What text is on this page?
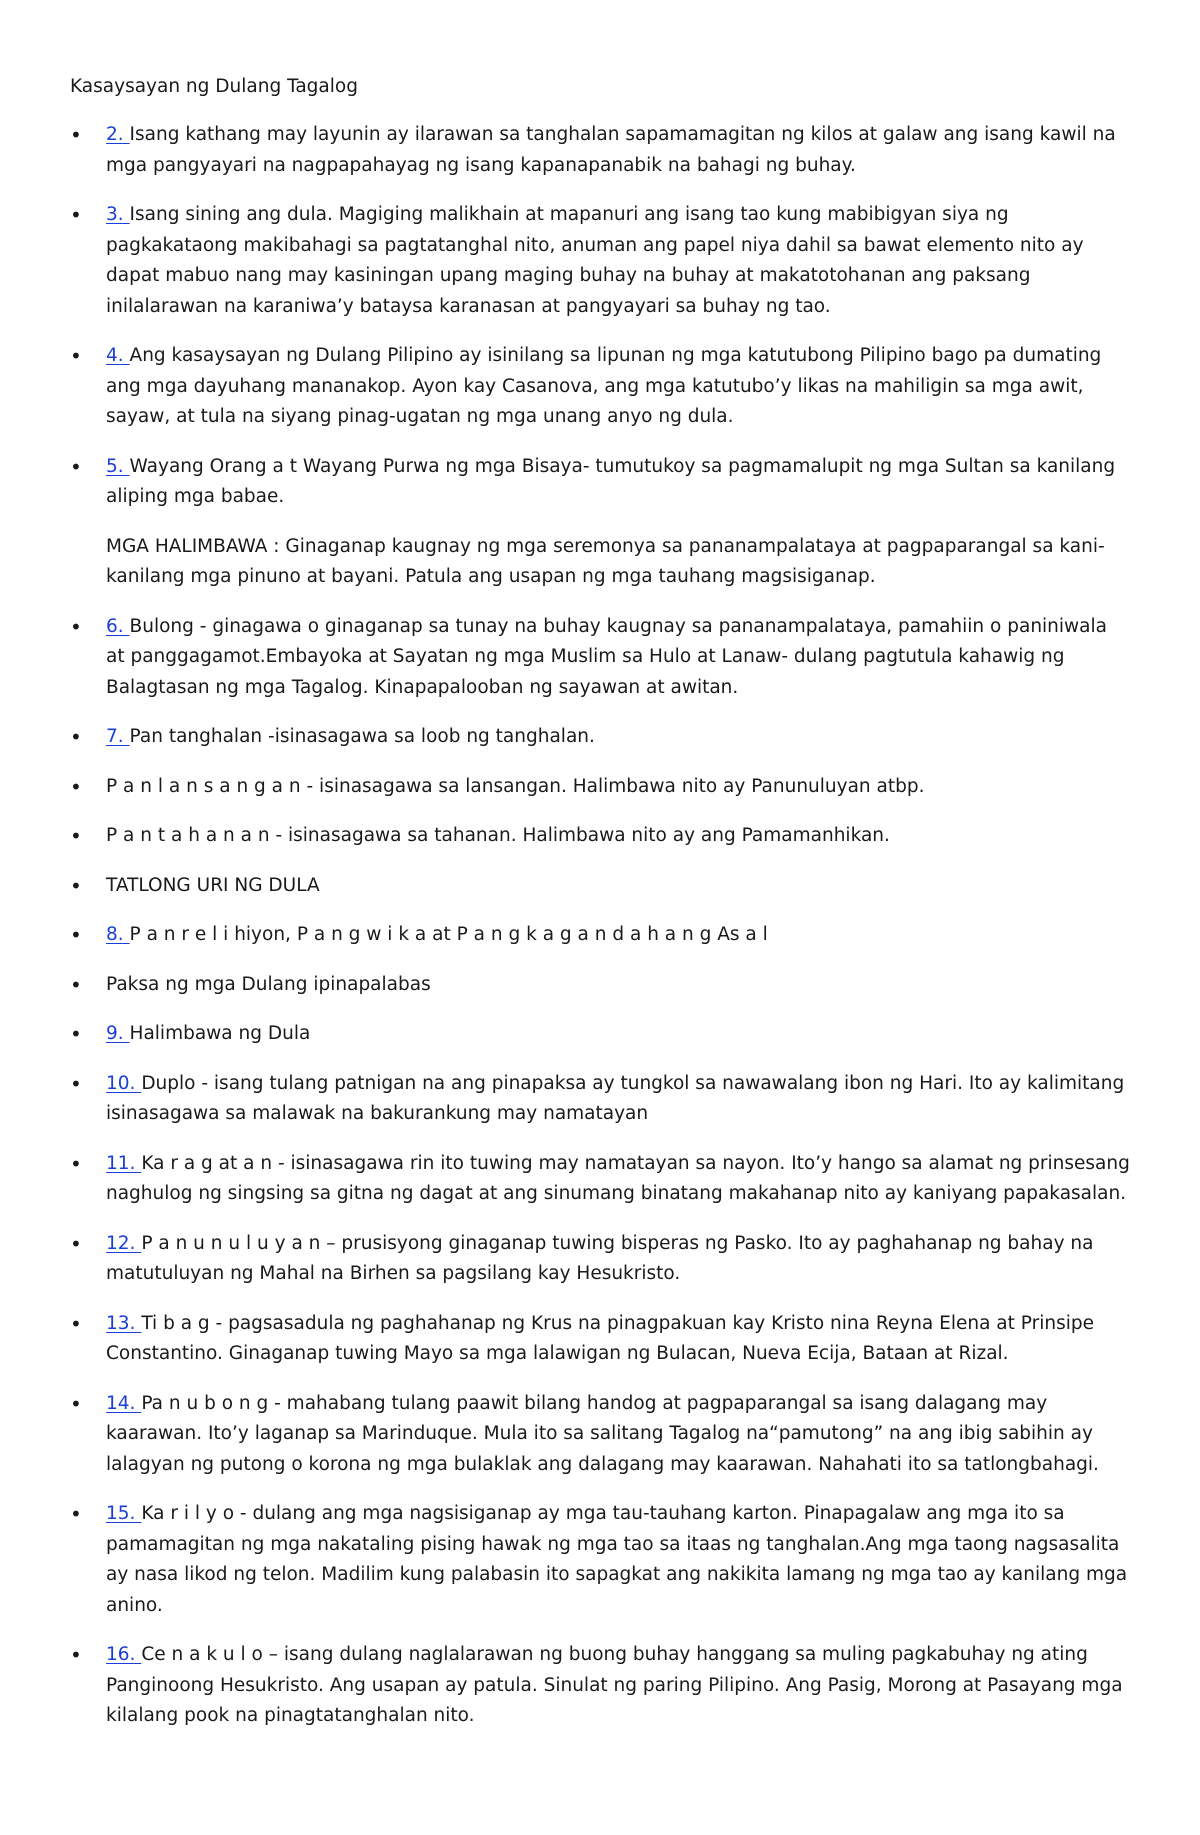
Kasaysayan ng Dulang Tagalog
•	2. Isang kathang may layunin ay ilarawan sa tanghalan sapamamagitan ng kilos at galaw ang isang kawil na mga pangyayari na nagpapahayag ng isang kapanapanabik na bahagi ng buhay.
•	3. Isang sining ang dula. Magiging malikhain at mapanuri ang isang tao kung mabibigyan siya ng pagkakataong makibahagi sa pagtatanghal nito, anuman ang papel niya dahil sa bawat elemento nito ay dapat mabuo nang may kasiningan upang maging buhay na buhay at makatotohanan ang paksang inilalarawan na karaniwa’y bataysa karanasan at pangyayari sa buhay ng tao.
•	4. Ang kasaysayan ng Dulang Pilipino ay isinilang sa lipunan ng mga katutubong Pilipino bago pa dumating ang mga dayuhang mananakop. Ayon kay Casanova, ang mga katutubo’y likas na mahiligin sa mga awit, sayaw, at tula na siyang pinag-ugatan ng mga unang anyo ng dula.
•	5. Wayang Orang a t Wayang Purwa ng mga Bisaya- tumutukoy sa pagmamalupit ng mga Sultan sa kanilang aliping mga babae.
MGA HALIMBAWA : Ginaganap kaugnay ng mga seremonya sa pananampalataya at pagpaparangal sa kani- kanilang mga pinuno at bayani. Patula ang usapan ng mga tauhang magsisiganap.
•	6. Bulong - ginagawa o ginaganap sa tunay na buhay kaugnay sa pananampalataya, pamahiin o paniniwala at panggagamot.Embayoka at Sayatan ng mga Muslim sa Hulo at Lanaw- dulang pagtutula kahawig ng Balagtasan ng mga Tagalog. Kinapapalooban ng sayawan at awitan.
•	7. Pan tanghalan -isinasagawa sa loob ng tanghalan.
•	P a n l a n s a n g a n - isinasagawa sa lansangan. Halimbawa nito ay Panunuluyan atbp.
•	P a n t a h a n a n - isinasagawa sa tahanan. Halimbawa nito ay ang Pamamanhikan.
•	TATLONG URI NG DULA
•	8. P a n r e l i hiyon, P a n g w i k a at P a n g k a g a n d a h a n g As a l
•	Paksa ng mga Dulang ipinapalabas
•	9. Halimbawa ng Dula
•	10. Duplo - isang tulang patnigan na ang pinapaksa ay tungkol sa nawawalang ibon ng Hari. Ito ay kalimitang isinasagawa sa malawak na bakurankung may namatayan
•	11. Ka r a g at a n - isinasagawa rin ito tuwing may namatayan sa nayon. Ito’y hango sa alamat ng prinsesang naghulog ng singsing sa gitna ng dagat at ang sinumang binatang makahanap nito ay kaniyang papakasalan.
•	12. P a n u n u l u y a n – prusisyong ginaganap tuwing bisperas ng Pasko. Ito ay paghahanap ng bahay na matutuluyan ng Mahal na Birhen sa pagsilang kay Hesukristo.
•	13. Ti b a g - pagsasadula ng paghahanap ng Krus na pinagpakuan kay Kristo nina Reyna Elena at Prinsipe Constantino. Ginaganap tuwing Mayo sa mga lalawigan ng Bulacan, Nueva Ecija, Bataan at Rizal.
•	14. Pa n u b o n g - mahabang tulang paawit bilang handog at pagpaparangal sa isang dalagang may kaarawan. Ito’y laganap sa Marinduque. Mula ito sa salitang Tagalog na“pamutong” na ang ibig sabihin ay lalagyan ng putong o korona ng mga bulaklak ang dalagang may kaarawan. Nahahati ito sa tatlongbahagi.
•	15. Ka r i l y o - dulang ang mga nagsisiganap ay mga tau-tauhang karton. Pinapagalaw ang mga ito sa pamamagitan ng mga nakataling pising hawak ng mga tao sa itaas ng tanghalan.Ang mga taong nagsasalita ay nasa likod ng telon. Madilim kung palabasin ito sapagkat ang nakikita lamang ng mga tao ay kanilang mga anino.
•	16. Ce n a k u l o – isang dulang naglalarawan ng buong buhay hanggang sa muling pagkabuhay ng ating Panginoong Hesukristo. Ang usapan ay patula. Sinulat ng paring Pilipino. Ang Pasig, Morong at Pasayang mga kilalang pook na pinagtatanghalan nito.
